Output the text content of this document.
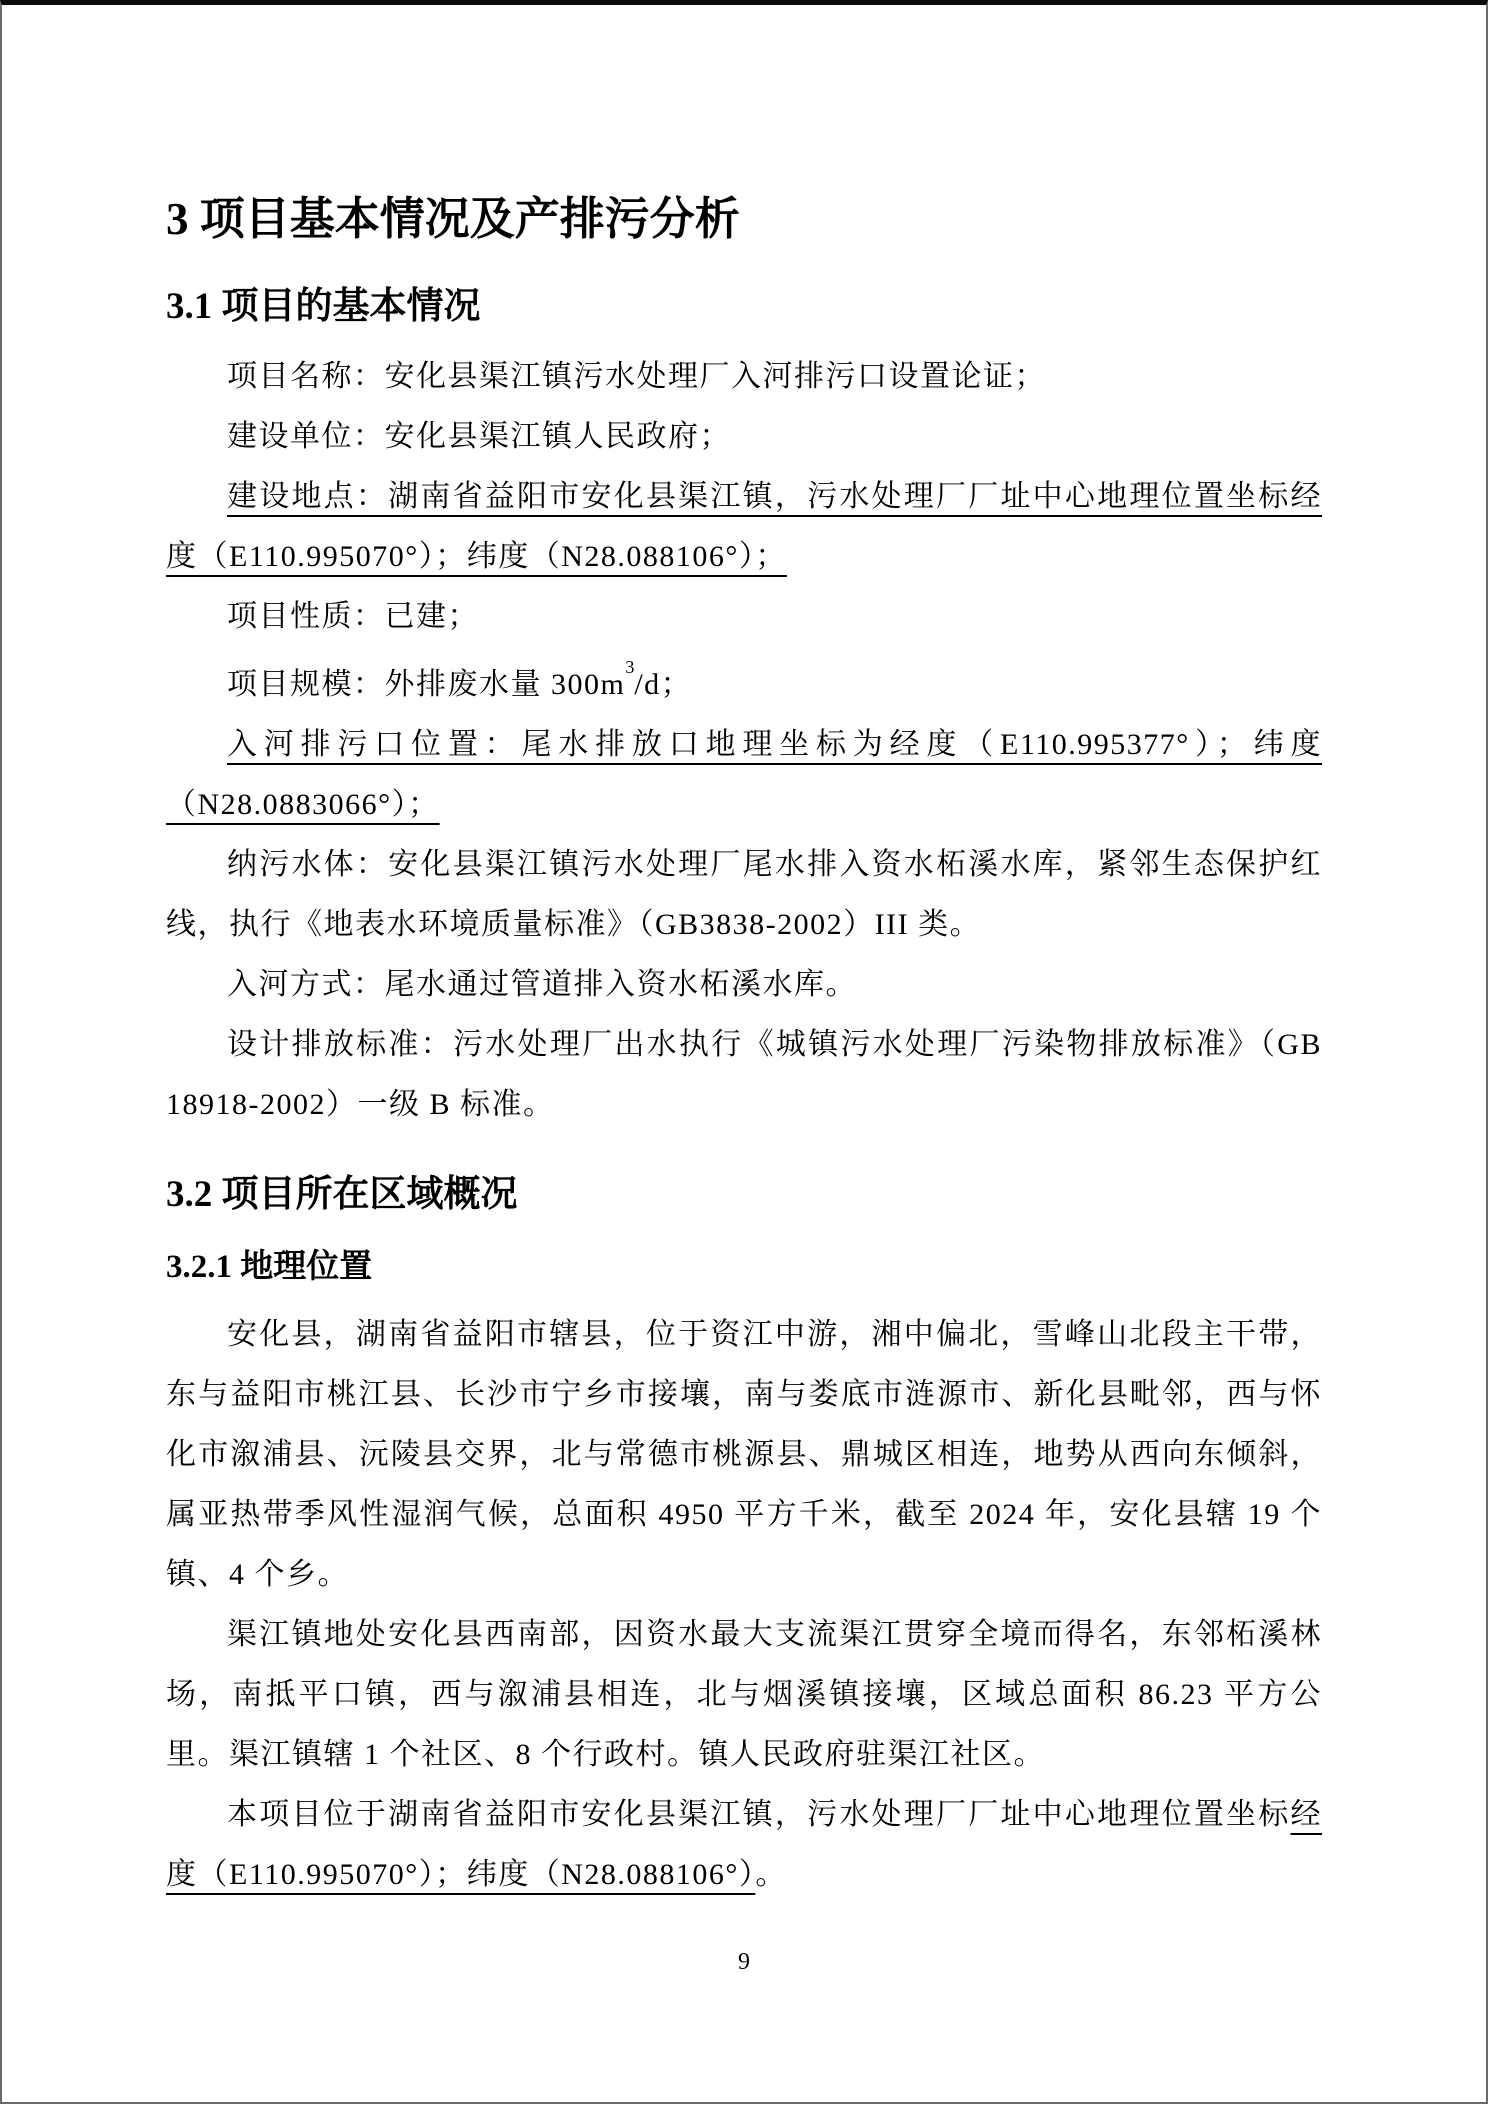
3 项目基本情况及产排污分析
3.1 项目的基本情况

项目名称：安化县渠江镇污水处理厂入河排污口设置论证；

建设单位：安化县渠江镇人民政府；

建设地点：湖南省益阳市安化县渠江镇，污水处理厂厂址中心地理位置坐标经度（E110.995070°）；纬度（N28.088106°）；

项目性质：已建；

项目规模：外排废水量 $300m^3/d$；

入河排污口位置：尾水排放口地理坐标为经度（E110.995377°）；纬度（N28.0883066°）；

纳污水体：安化县渠江镇污水处理厂尾水排入资水柘溪水库，紧邻生态保护红线，执行《地表水环境质量标准》（GB3838-2002）III 类。

入河方式：尾水通过管道排入资水柘溪水库。

设计排放标准：污水处理厂出水执行《城镇污水处理厂污染物排放标准》（GB 18918-2002）一级 B 标准。

3.2 项目所在区域概况
3.2.1 地理位置

安化县，湖南省益阳市辖县，位于资江中游，湘中偏北，雪峰山北段主干带，东与益阳市桃江县、长沙市宁乡市接壤，南与娄底市涟源市、新化县毗邻，西与怀化市溆浦县、沅陵县交界，北与常德市桃源县、鼎城区相连，地势从西向东倾斜，属亚热带季风性湿润气候，总面积 4950 平方千米，截至 2024 年，安化县辖 19 个镇、4 个乡。

渠江镇地处安化县西南部，因资水最大支流渠江贯穿全境而得名，东邻柘溪林场，南抵平口镇，西与溆浦县相连，北与烟溪镇接壤，区域总面积 86.23 平方公里。渠江镇辖 1 个社区、8 个行政村。镇人民政府驻渠江社区。

本项目位于湖南省益阳市安化县渠江镇，污水处理厂厂址中心地理位置坐标经度（E110.995070°）；纬度（N28.088106°）。

9
